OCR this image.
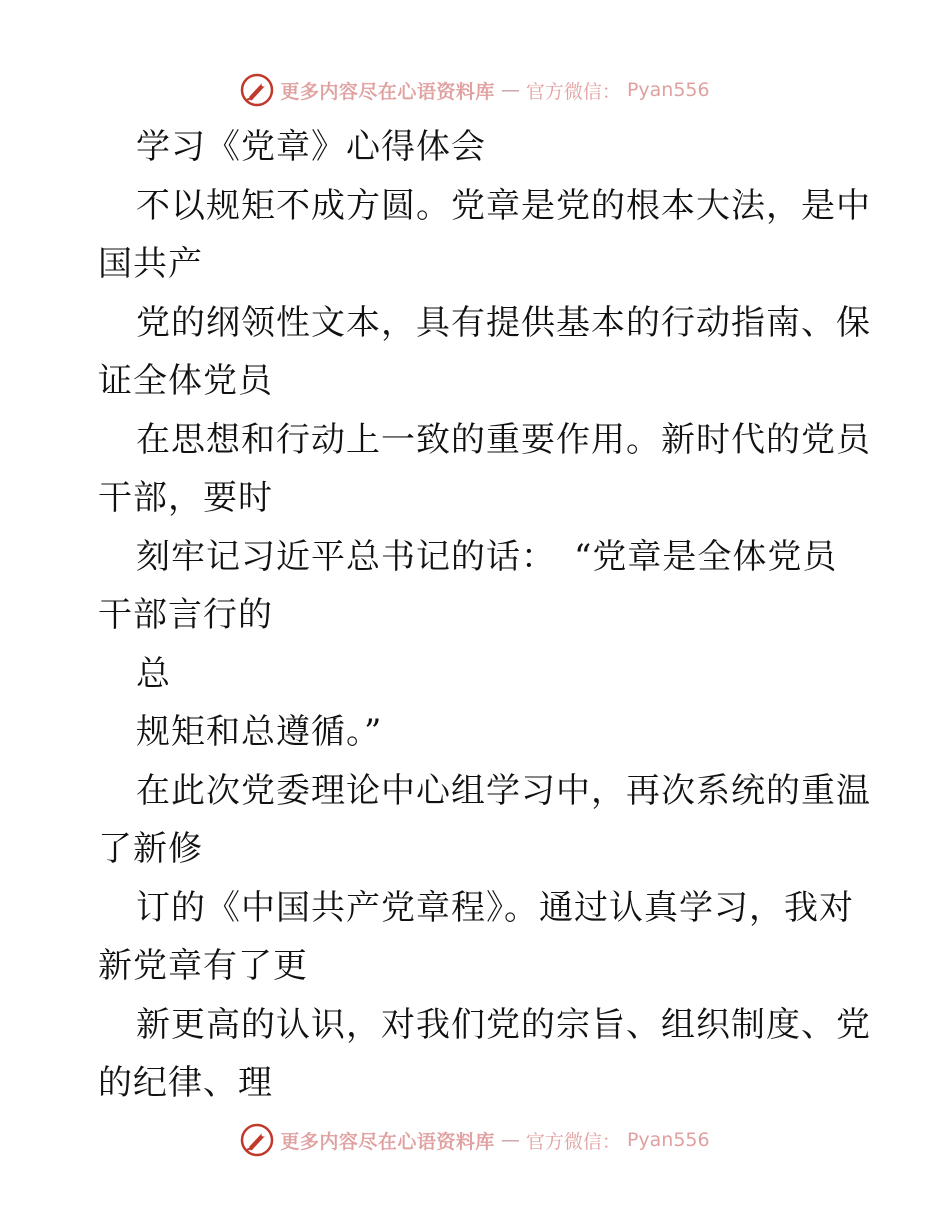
更多内容尽在心语资料库 — 官方微信： Pyan556
学习《党章》心得体会
不以规矩不成方圆。党章是党的根本大法，是中
国共产
党的纲领性文本，具有提供基本的行动指南、保
证全体党员
在思想和行动上一致的重要作用。新时代的党员
干部，要时
刻牢记习近平总书记的话：　“党章是全体党员
干部言行的
总
规矩和总遵循。”
在此次党委理论中心组学习中，再次系统的重温
了新修
订的《中国共产党章程》。通过认真学习，我对
新党章有了更
新更高的认识，对我们党的宗旨、组织制度、党
的纪律、理
更多内容尽在心语资料库 — 官方微信： Pyan556
